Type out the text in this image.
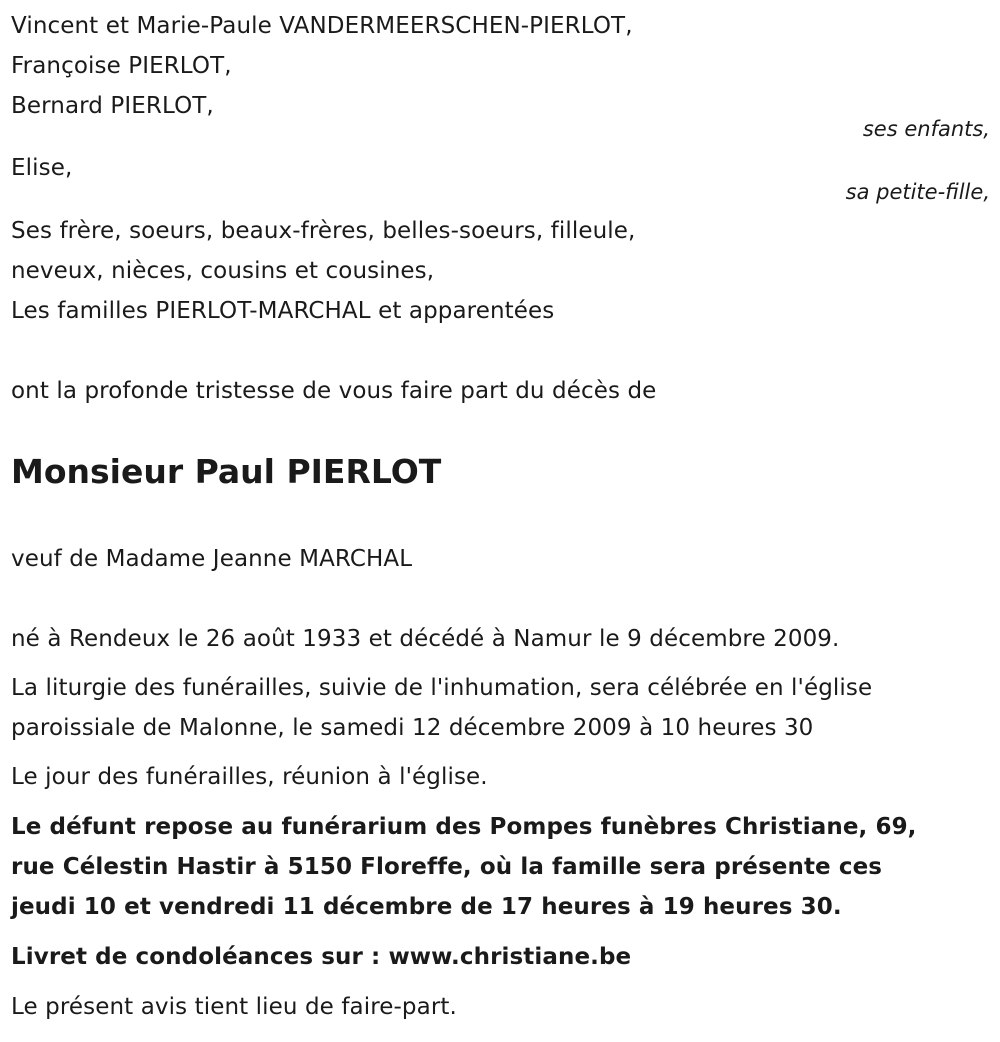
Vincent et Marie-Paule VANDERMEERSCHEN-PIERLOT,
Françoise PIERLOT,
Bernard PIERLOT,
ses enfants,
Elise,
sa petite-fille,
Ses frère, soeurs, beaux-frères, belles-soeurs, filleule,
neveux, nièces, cousins et cousines,
Les familles PIERLOT-MARCHAL et apparentées
ont la profonde tristesse de vous faire part du décès de
Monsieur Paul PIERLOT
veuf de Madame Jeanne MARCHAL
né à Rendeux le 26 août 1933 et décédé à Namur le 9 décembre 2009.
La liturgie des funérailles, suivie de l'inhumation, sera célébrée en l'église
paroissiale de Malonne, le samedi 12 décembre 2009 à 10 heures 30
Le jour des funérailles, réunion à l'église.
Le défunt repose au funérarium des Pompes funèbres Christiane, 69,
rue Célestin Hastir à 5150 Floreffe, où la famille sera présente ces
jeudi 10 et vendredi 11 décembre de 17 heures à 19 heures 30.
Livret de condoléances sur : www.christiane.be
Le présent avis tient lieu de faire-part.
